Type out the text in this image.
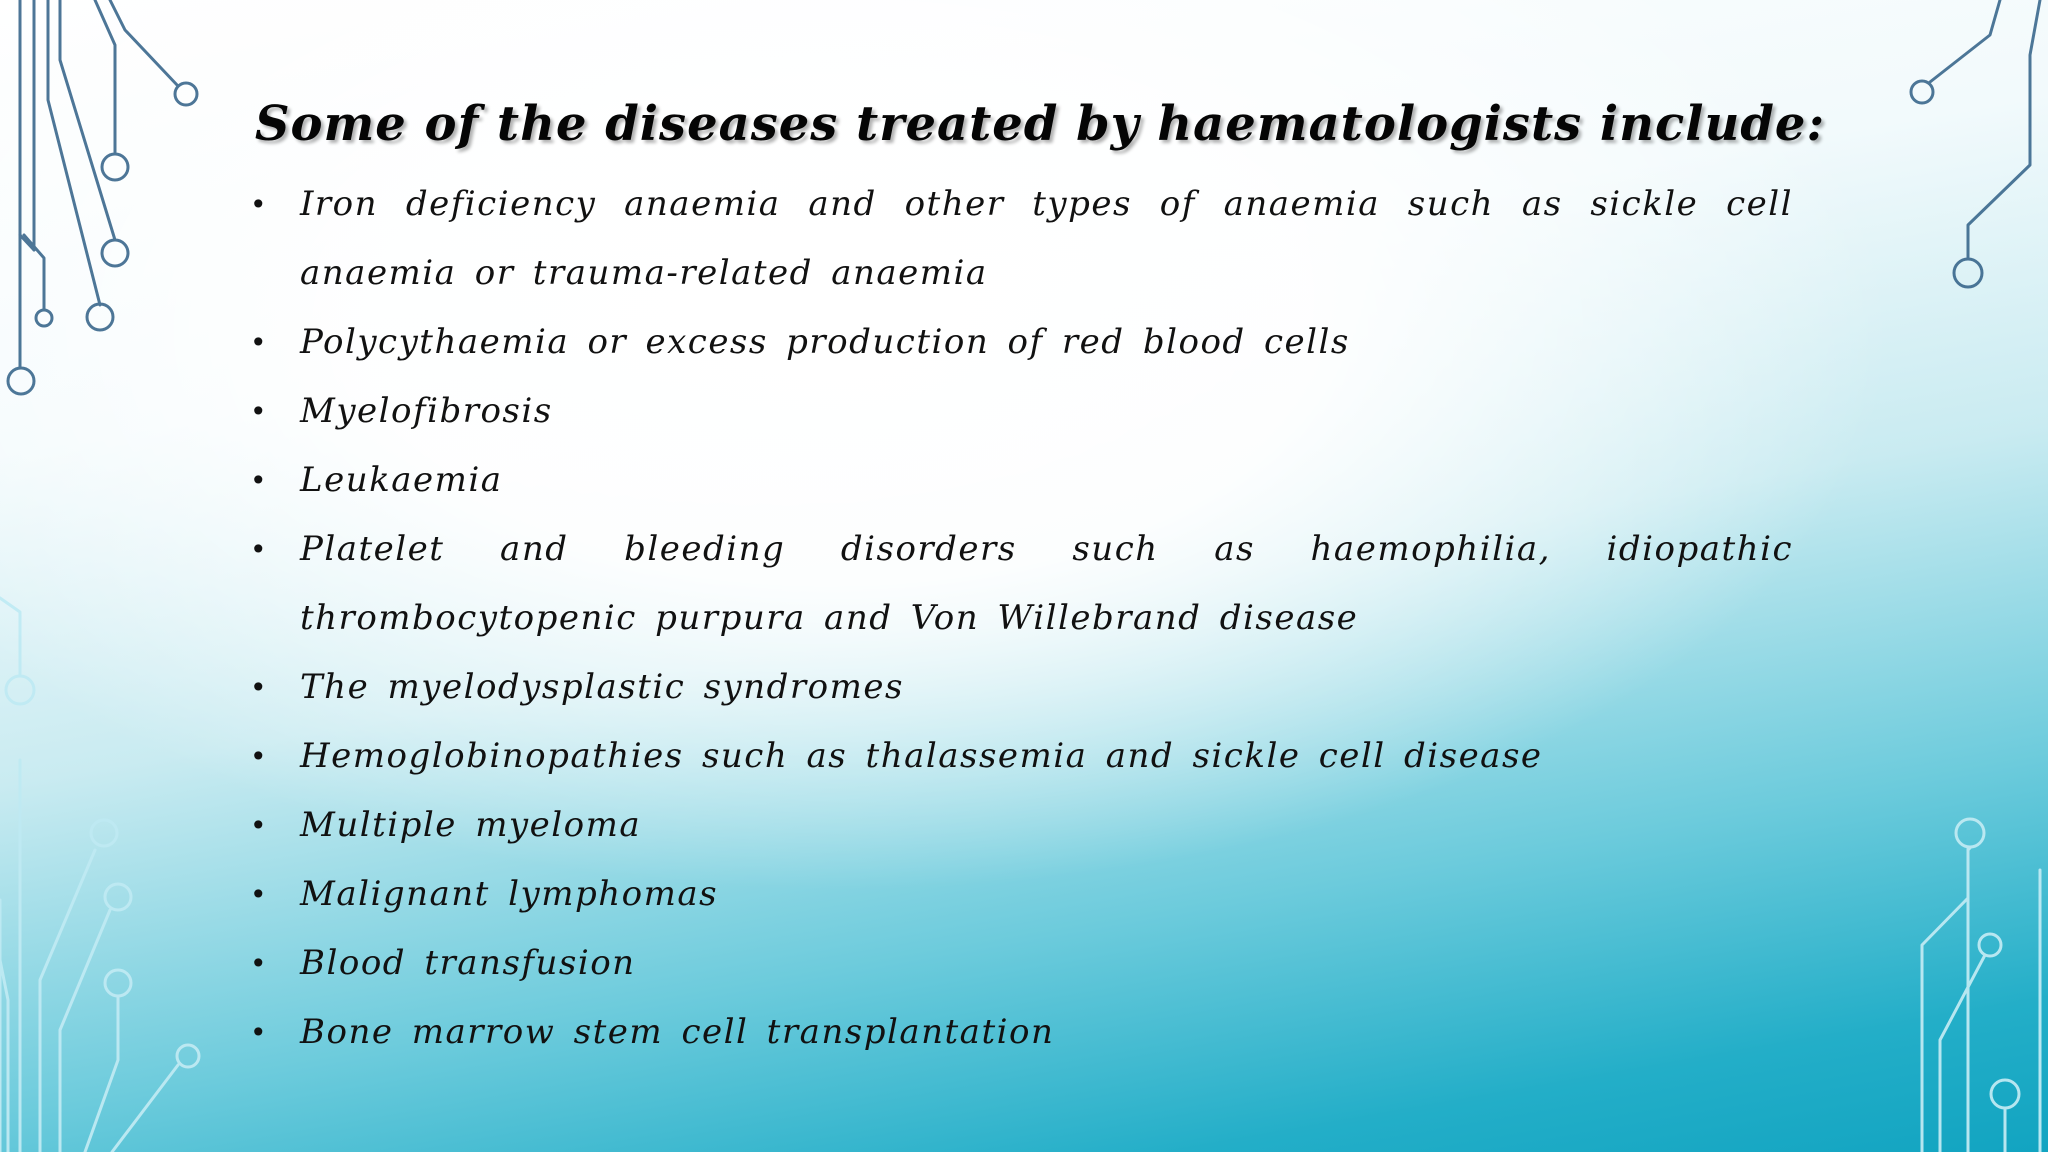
Some of the diseases treated by haematologists include:
• Iron deficiency anaemia and other types of anaemia such as sickle cell anaemia or trauma-related anaemia
• Polycythaemia or excess production of red blood cells
• Myelofibrosis
• Leukaemia
• Platelet and bleeding disorders such as haemophilia, idiopathic thrombocytopenic purpura and Von Willebrand disease
• The myelodysplastic syndromes
• Hemoglobinopathies such as thalassemia and sickle cell disease
• Multiple myeloma
• Malignant lymphomas
• Blood transfusion
• Bone marrow stem cell transplantation
